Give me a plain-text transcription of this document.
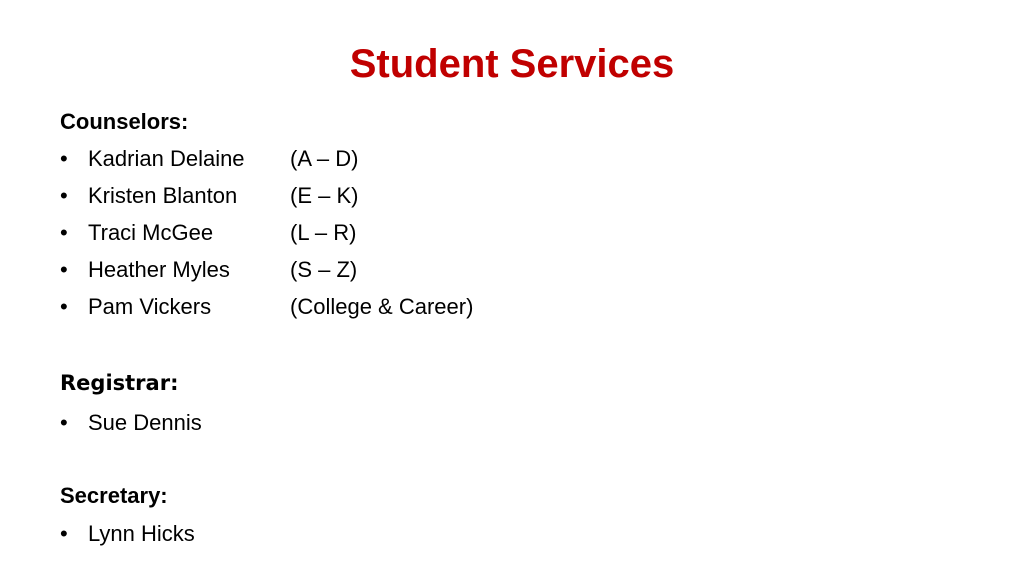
Student Services
Counselors:
• Kadrian Delaine (A – D)
• Kristen Blanton (E – K)
• Traci McGee	(L – R)
• Heather Myles	(S – Z)
• Pam Vickers	(College & Career)
Registrar:
• Sue Dennis
Secretary:
• Lynn Hicks
